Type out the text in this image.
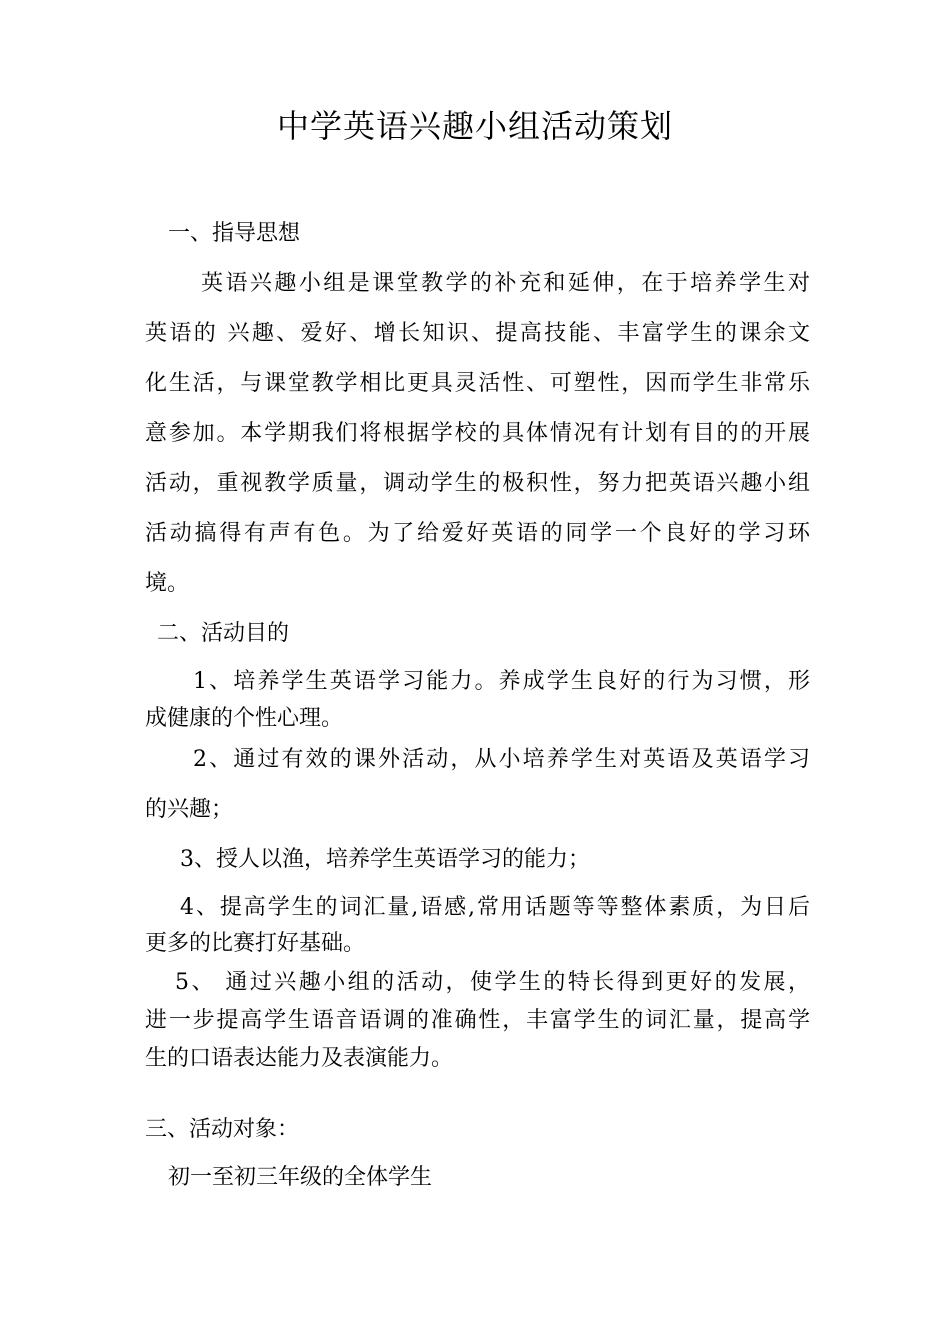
中学英语兴趣小组活动策划
一、指导思想
英语兴趣小组是课堂教学的补充和延伸，在于培养学生对
英语的 兴趣、爱好、增长知识、提高技能、丰富学生的课余文
化生活，与课堂教学相比更具灵活性、可塑性，因而学生非常乐
意参加。本学期我们将根据学校的具体情况有计划有目的的开展
活动，重视教学质量，调动学生的极积性，努力把英语兴趣小组
活动搞得有声有色。为了给爱好英语的同学一个良好的学习环
境。
二、活动目的
1、培养学生英语学习能力。养成学生良好的行为习惯，形
成健康的个性心理。
2、通过有效的课外活动，从小培养学生对英语及英语学习
的兴趣；
3、授人以渔，培养学生英语学习的能力；
4、提高学生的词汇量,语感,常用话题等等整体素质，为日后
更多的比赛打好基础。
5、 通过兴趣小组的活动，使学生的特长得到更好的发展，
进一步提高学生语音语调的准确性，丰富学生的词汇量，提高学
生的口语表达能力及表演能力。
三、活动对象：
初一至初三年级的全体学生
